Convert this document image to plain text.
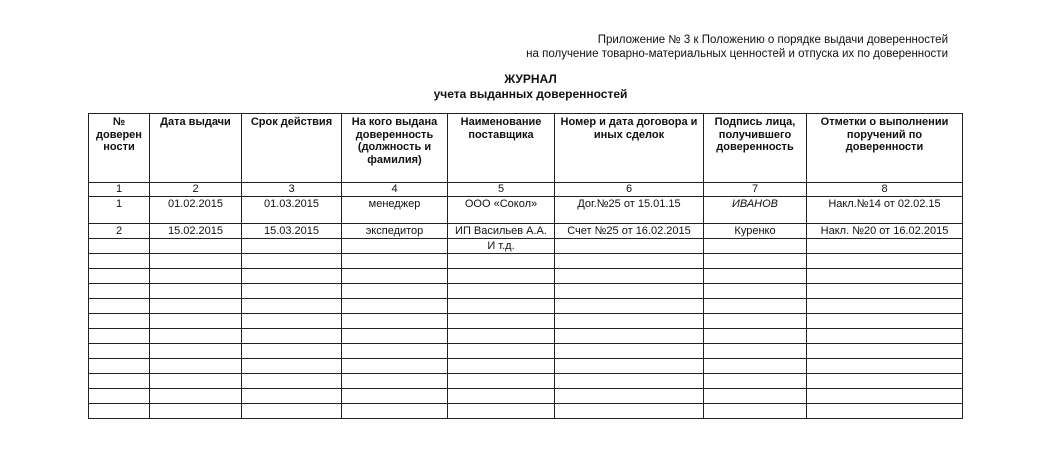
Приложение № 3 к Положению о порядке выдачи доверенностей
на получение товарно-материальных ценностей и отпуска их по доверенности
ЖУРНАЛ
учета выданных доверенностей
№ доверен ности	Дата выдачи	Срок действия	На кого выдана доверенность (должность и фамилия)	Наименование поставщика	Номер и дата договора и иных сделок	Подпись лица, получившего доверенность	Отметки о выполнении поручений по доверенности
1	2	3	4	5	6	7	8
1	01.02.2015	01.03.2015	менеджер	ООО «Сокол»	Дог.№25 от 15.01.15	ИВАНОВ	Накл.№14 от 02.02.15
2	15.02.2015	15.03.2015	экспедитор	ИП Васильев А.А.	Счет №25 от 16.02.2015	Куренко	Накл. №20 от 16.02.2015
				И т.д.			
